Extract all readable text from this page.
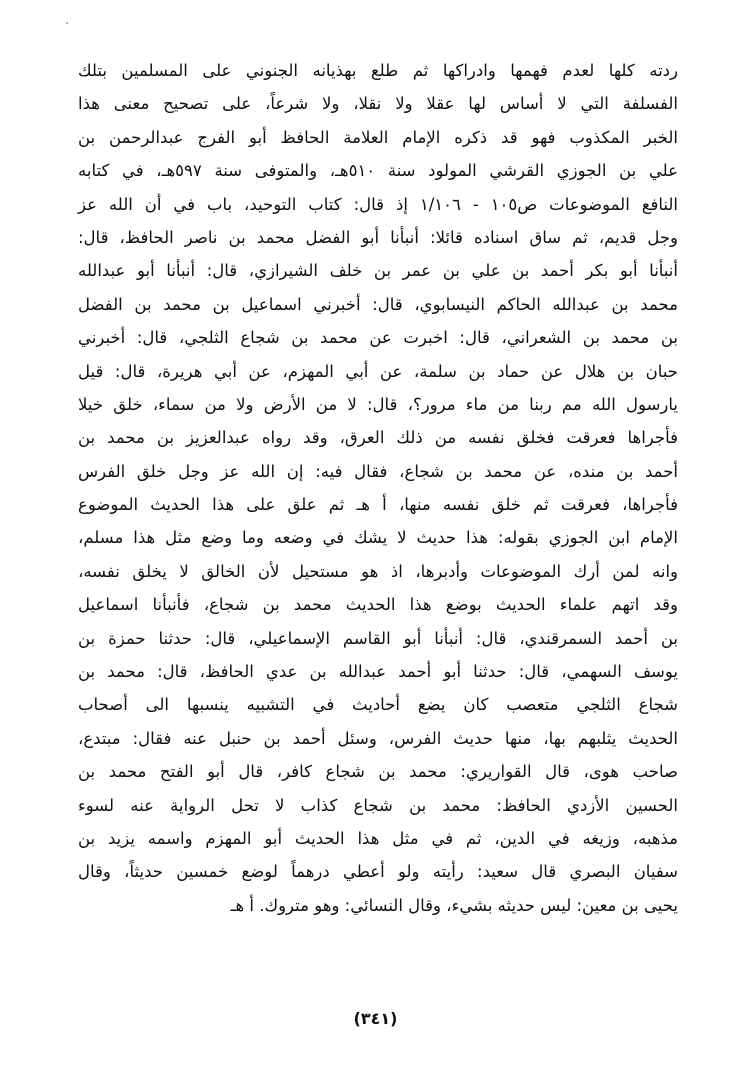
ردته كلها لعدم فهمها وادراكها ثم طلع بهذيانه الجنوني على المسلمين بتلك
الفسلفة التي لا أساس لها عقلا ولا نقلا، ولا شرعاً، على تصحيح معنى هذا
الخبر المكذوب فهو قد ذكره الإمام العلامة الحافظ أبو الفرج عبدالرحمن بن
علي بن الجوزي القرشي المولود سنة ٥١٠هـ، والمتوفى سنة ٥٩٧هـ، في كتابه
النافع الموضوعات ص١٠٥ - ١/١٠٦ إذ قال: كتاب التوحيد، باب في أن الله عز
وجل قديم، ثم ساق اسناده قائلا: أنبأنا أبو الفضل محمد بن ناصر الحافظ، قال:
أنبأنا أبو بكر أحمد بن علي بن عمر بن خلف الشيرازي، قال: أنبأنا أبو عبدالله
محمد بن عبدالله الحاكم النيسابوي، قال: أخبرني اسماعيل بن محمد بن الفضل
بن محمد بن الشعراني، قال: اخبرت عن محمد بن شجاع الثلجي، قال: أخبرني
حبان بن هلال عن حماد بن سلمة، عن أبي المهزم، عن أبي هريرة، قال: قيل
يارسول الله مم ربنا من ماء مرور؟، قال: لا من الأرض ولا من سماء، خلق خيلا
فأجراها فعرقت فخلق نفسه من ذلك العرق، وقد رواه عبدالعزيز بن محمد بن
أحمد بن منده، عن محمد بن شجاع، فقال فيه: إن الله عز وجل خلق الفرس
فأجراها، فعرقت ثم خلق نفسه منها، أ هـ ثم علق على هذا الحديث الموضوع
الإمام ابن الجوزي بقوله: هذا حديث لا يشك في وضعه وما وضع مثل هذا مسلم،
وانه لمن أرك الموضوعات وأدبرها، اذ هو مستحيل لأن الخالق لا يخلق نفسه،
وقد اتهم علماء الحديث بوضع هذا الحديث محمد بن شجاع، فأنبأنا اسماعيل
بن أحمد السمرقندي، قال: أنبأنا أبو القاسم الإسماعيلي، قال: حدثنا حمزة بن
يوسف السهمي، قال: حدثنا أبو أحمد عبدالله بن عدي الحافظ، قال: محمد بن
شجاع الثلجي متعصب كان يضع أحاديث في التشبيه ينسبها الى أصحاب
الحديث يثلبهم بها، منها حديث الفرس، وسئل أحمد بن حنبل عنه فقال: مبتدع،
صاحب هوى، قال القواريري: محمد بن شجاع كافر، قال أبو الفتح محمد بن
الحسين الأزدي الحافظ: محمد بن شجاع كذاب لا تحل الرواية عنه لسوء
مذهبه، وزيغه في الدين، ثم في مثل هذا الحديث أبو المهزم واسمه يزيد بن
سفيان البصري قال سعيد: رأيته ولو أعطي درهماً لوضع خمسين حديثاً، وقال
يحيى بن معين: ليس حديثه بشيء، وقال النسائي: وهو متروك. أ هـ
(٣٤١)
